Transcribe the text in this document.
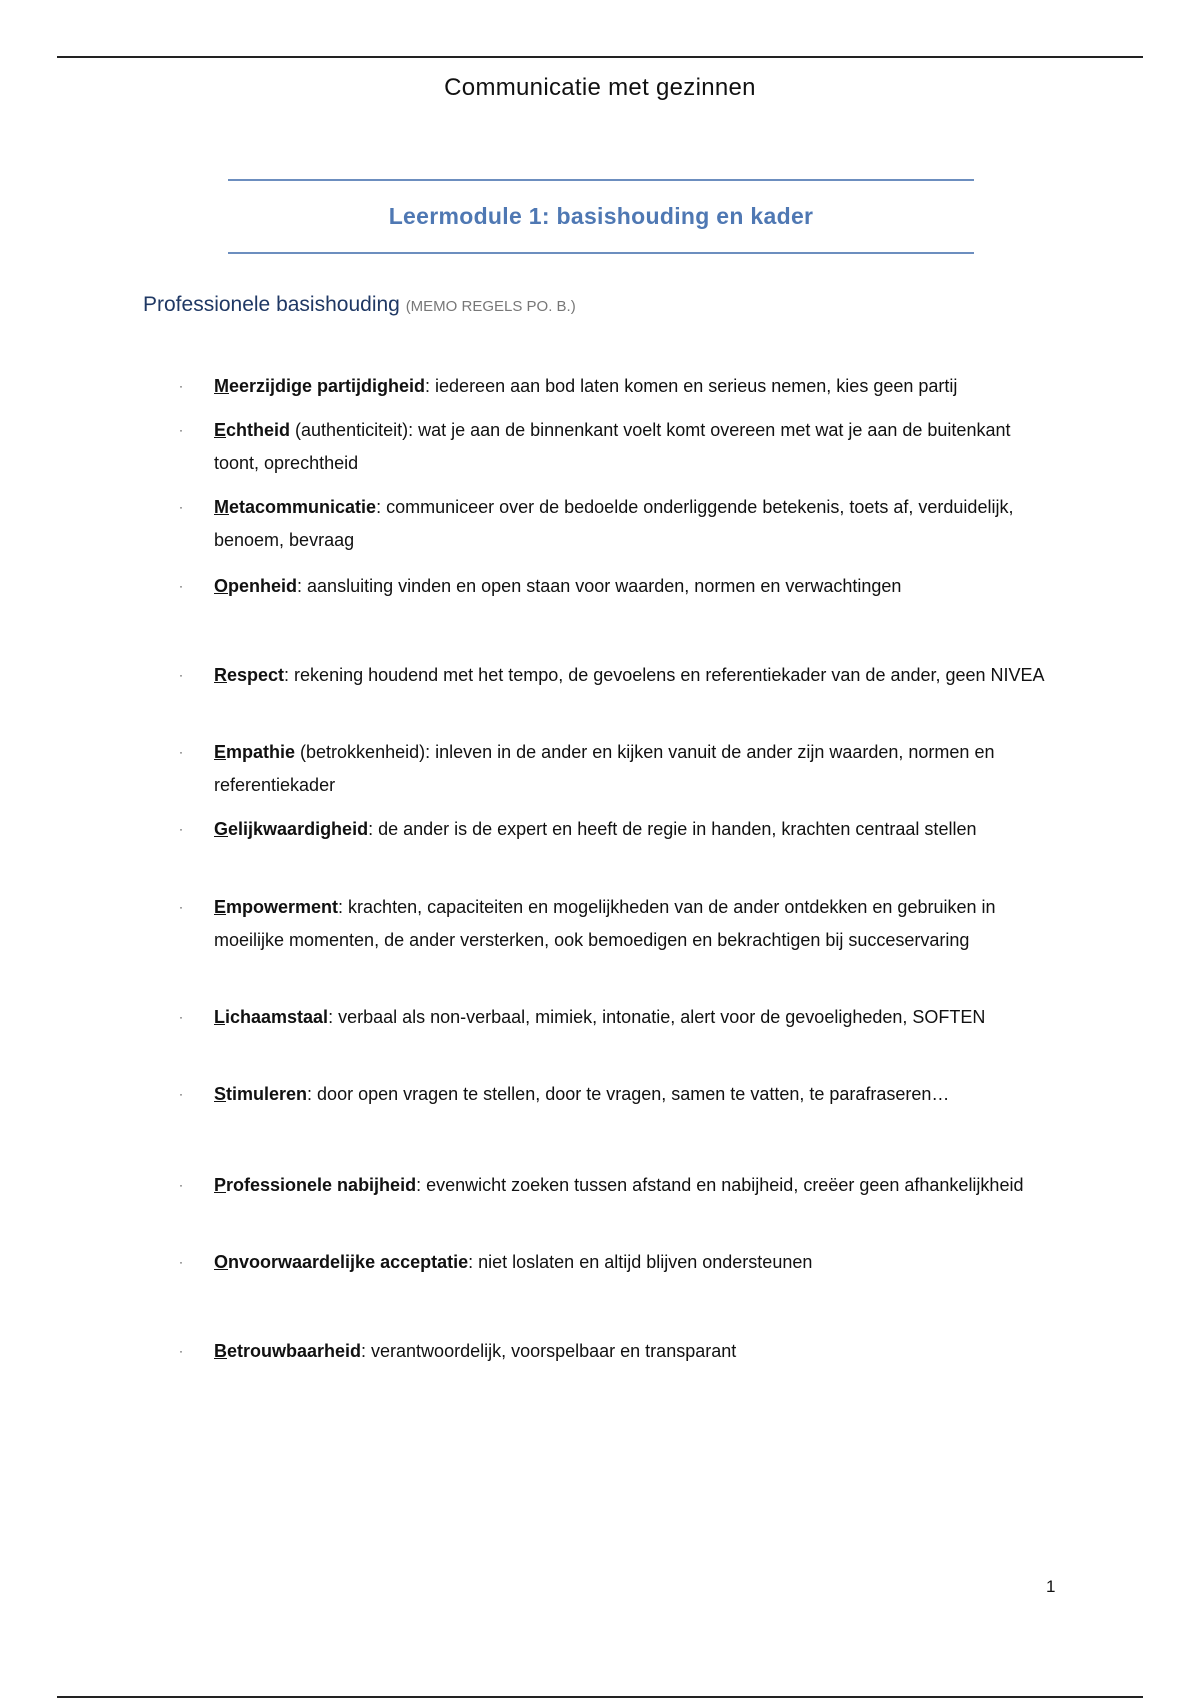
Communicatie met gezinnen
Leermodule 1: basishouding en kader
Professionele basishouding (MEMO REGELS PO. B.)
· Meerzijdige partijdigheid: iedereen aan bod laten komen en serieus nemen, kies geen partij
· Echtheid (authenticiteit): wat je aan de binnenkant voelt komt overeen met wat je aan de buitenkant toont, oprechtheid
· Metacommunicatie: communiceer over de bedoelde onderliggende betekenis, toets af, verduidelijk, benoem, bevraag
· Openheid: aansluiting vinden en open staan voor waarden, normen en verwachtingen
· Respect: rekening houdend met het tempo, de gevoelens en referentiekader van de ander, geen NIVEA
· Empathie (betrokkenheid): inleven in de ander en kijken vanuit de ander zijn waarden, normen en referentiekader
· Gelijkwaardigheid: de ander is de expert en heeft de regie in handen, krachten centraal stellen
· Empowerment: krachten, capaciteiten en mogelijkheden van de ander ontdekken en gebruiken in moeilijke momenten, de ander versterken, ook bemoedigen en bekrachtigen bij succeservaring
· Lichaamstaal: verbaal als non-verbaal, mimiek, intonatie, alert voor de gevoeligheden, SOFTEN
· Stimuleren: door open vragen te stellen, door te vragen, samen te vatten, te parafraseren…
· Professionele nabijheid: evenwicht zoeken tussen afstand en nabijheid, creëer geen afhankelijkheid
· Onvoorwaardelijke acceptatie: niet loslaten en altijd blijven ondersteunen
· Betrouwbaarheid: verantwoordelijk, voorspelbaar en transparant
1
